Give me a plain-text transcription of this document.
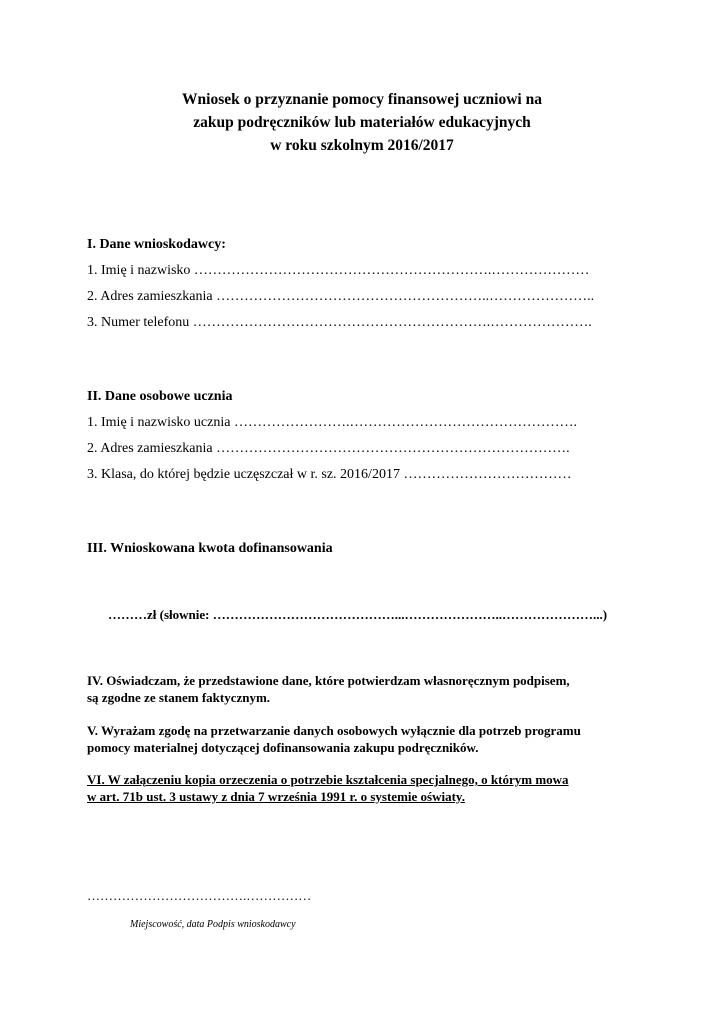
Wniosek o przyznanie pomocy finansowej uczniowi na
zakup podręczników lub materiałów edukacyjnych
w roku szkolnym 2016/2017
I. Dane wnioskodawcy:
1. Imię i nazwisko ……………………………………………………….…………………
2. Adres zamieszkania …………………………………………………..…………………..
3. Numer telefonu ……………………………………………………….………………….
II. Dane osobowe ucznia
1. Imię i nazwisko ucznia …………………….………………………………………….
2. Adres zamieszkania ………………………………………………………………….
3. Klasa, do której będzie uczęszczał w r. sz. 2016/2017 ………………………………
III. Wnioskowana kwota dofinansowania
………zł (słownie: ……………………………………...…………………..…………………...)
IV. Oświadczam, że przedstawione dane, które potwierdzam własnoręcznym podpisem,
są zgodne ze stanem faktycznym.
V. Wyrażam zgodę na przetwarzanie danych osobowych wyłącznie dla potrzeb programu
pomocy materialnej dotyczącej dofinansowania zakupu podręczników.
VI. W załączeniu kopia orzeczenia o potrzebie kształcenia specjalnego, o którym mowa
w art. 71b ust. 3 ustawy z dnia 7 września 1991 r. o systemie oświaty.
……………………………….……………
Miejscowość, data Podpis wnioskodawcy
